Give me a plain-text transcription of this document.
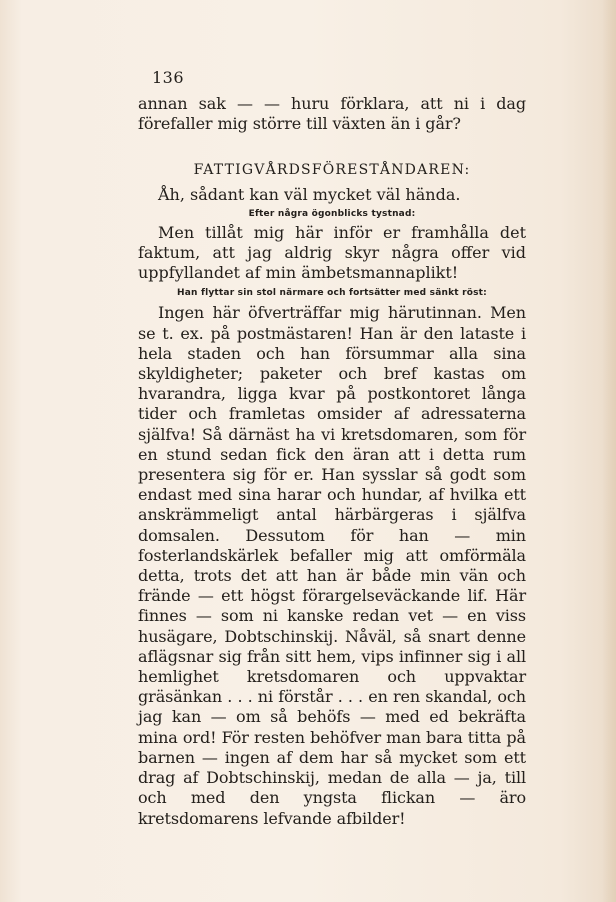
136

annan sak — — huru förklara, att ni i dag förefaller mig större till växten än i går?

FATTIGVÅRDSFÖRESTÅNDAREN:

Åh, sådant kan väl mycket väl hända.

Efter några ögonblicks tystnad:

Men tillåt mig här inför er framhålla det faktum, att jag aldrig skyr några offer vid uppfyllandet af min ämbetsmannaplikt!

Han flyttar sin stol närmare och fortsätter med sänkt röst:

Ingen här öfverträffar mig härutinnan. Men se t. ex. på postmästaren! Han är den lataste i hela staden och han försummar alla sina skyldigheter; paketer och bref kastas om hvarandra, ligga kvar på postkontoret långa tider och framletas omsider af adressaterna själfva! Så därnäst ha vi kretsdomaren, som för en stund sedan fick den äran att i detta rum presentera sig för er. Han sysslar så godt som endast med sina harar och hundar, af hvilka ett anskrämmeligt antal härbärgeras i själfva domsalen. Dessutom för han — min fosterlandskärlek befaller mig att omförmäla detta, trots det att han är både min vän och frände — ett högst förargelseväckande lif. Här finnes — som ni kanske redan vet — en viss husägare, Dobtschinskij. Nåväl, så snart denne aflägsnar sig från sitt hem, vips infinner sig i all hemlighet kretsdomaren och uppvaktar gräsänkan . . . ni förstår . . . en ren skandal, och jag kan — om så behöfs — med ed bekräfta mina ord! För resten behöfver man bara titta på barnen — ingen af dem har så mycket som ett drag af Dobtschinskij, medan de alla — ja, till och med den yngsta flickan — äro kretsdomarens lefvande afbilder!
